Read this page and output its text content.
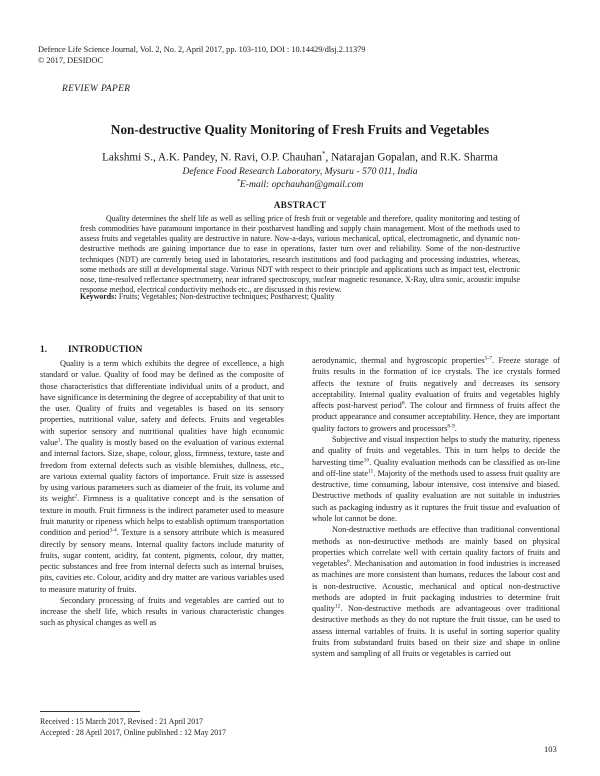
Defence Life Science Journal, Vol. 2, No. 2, April 2017, pp. 103-110, DOI : 10.14429/dlsj.2.11379
© 2017, DESIDOC
REVIEW PAPER
Non-destructive Quality Monitoring of Fresh Fruits and Vegetables
Lakshmi S., A.K. Pandey, N. Ravi, O.P. Chauhan*, Natarajan Gopalan, and R.K. Sharma
Defence Food Research Laboratory, Mysuru - 570 011, India
*E-mail: opchauhan@gmail.com
ABSTRACT

Quality determines the shelf life as well as selling price of fresh fruit or vegetable and therefore, quality monitoring and testing of fresh commodities have paramount importance in their postharvest handling and supply chain management. Most of the methods used to assess fruits and vegetables quality are destructive in nature. Now-a-days, various mechanical, optical, electromagnetic, and dynamic non-destructive methods are gaining importance due to ease in operations, faster turn over and reliability. Some of the non-destructive techniques (NDT) are currently being used in laboratories, research institutions and food packaging and processing industries, whereas, some methods are still at developmental stage. Various NDT with respect to their principle and applications such as impact test, electronic nose, time-resolved reflectance spectrometry, near infrared spectroscopy, nuclear magnetic resonance, X-Ray, ultra sonic, acoustic impulse response method, electrical conductivity methods etc., are discussed in this review.

Keywords: Fruits; Vegetables; Non-destructive techniques; Postharvest; Quality

1. INTRODUCTION

Quality is a term which exhibits the degree of excellence, a high standard or value. Quality of food may be defined as the composite of those characteristics that differentiate individual units of a product, and have significance in determining the degree of acceptability of that unit to the user. Quality of fruits and vegetables is based on its sensory properties, nutritional value, safety and defects. Fruits and vegetables with superior sensory and nutritional qualities have high economic value$^1$. The quality is mostly based on the evaluation of various external and internal factors. Size, shape, colour, gloss, firmness, texture, taste and freedom from external defects such as visible blemishes, dullness, etc., are various external quality factors of importance. Fruit size is assessed by using various parameters such as diameter of the fruit, its volume and its weight$^2$. Firmness is a qualitative concept and is the sensation of texture in mouth. Fruit firmness is the indirect parameter used to measure fruit maturity or ripeness which helps to establish optimum transportation condition and period$^{3-4}$. Texture is a sensory attribute which is measured directly by sensory means. Internal quality factors include maturity of fruits, sugar content, acidity, fat content, pigments, colour, dry matter, pectic substances and free from internal defects such as internal bruises, pits, cavities etc. Colour, acidity and dry matter are various variables used to measure maturity of fruits.

Secondary processing of fruits and vegetables are carried out to increase the shelf life, which results in various characteristic changes such as physical changes as well as

aerodynamic, thermal and hygroscopic properties$^{5-7}$. Freeze storage of fruits results in the formation of ice crystals. The ice crystals formed affects the texture of fruits negatively and decreases its sensory acceptability. Internal quality evaluation of fruits and vegetables highly affects post-harvest period$^8$. The colour and firmness of fruits affect the product appearance and consumer acceptability. Hence, they are important quality factors to growers and processors$^{8-9}$.

Subjective and visual inspection helps to study the maturity, ripeness and quality of fruits and vegetables. This in turn helps to decide the harvesting time$^{10}$. Quality evaluation methods can be classified as on-line and off-line state$^{11}$. Majority of the methods used to assess fruit quality are destructive, time consuming, labour intensive, cost intensive and biased. Destructive methods of quality evaluation are not suitable in industries such as packaging industry as it ruptures the fruit tissue and evaluation of whole lot cannot be done.

Non-destructive methods are effective than traditional conventional methods as non-destructive methods are mainly based on physical properties which correlate well with certain quality factors of fruits and vegetables$^6$. Mechanisation and automation in food industries is increased as machines are more consistent than humans, reduces the labour cost and is non-destructive. Acoustic, mechanical and optical non-destructive methods are adopted in fruit packaging industries to determine fruit quality$^{12}$. Non-destructive methods are advantageous over traditional destructive methods as they do not rupture the fruit tissue, can be used to assess internal variables of fruits. It is useful in sorting superior quality fruits from substandard fruits based on their size and shape in online system and sampling of all fruits or vegetables is carried out

Received : 15 March 2017, Revised : 21 April 2017
Accepted : 28 April 2017, Online published : 12 May 2017
103
